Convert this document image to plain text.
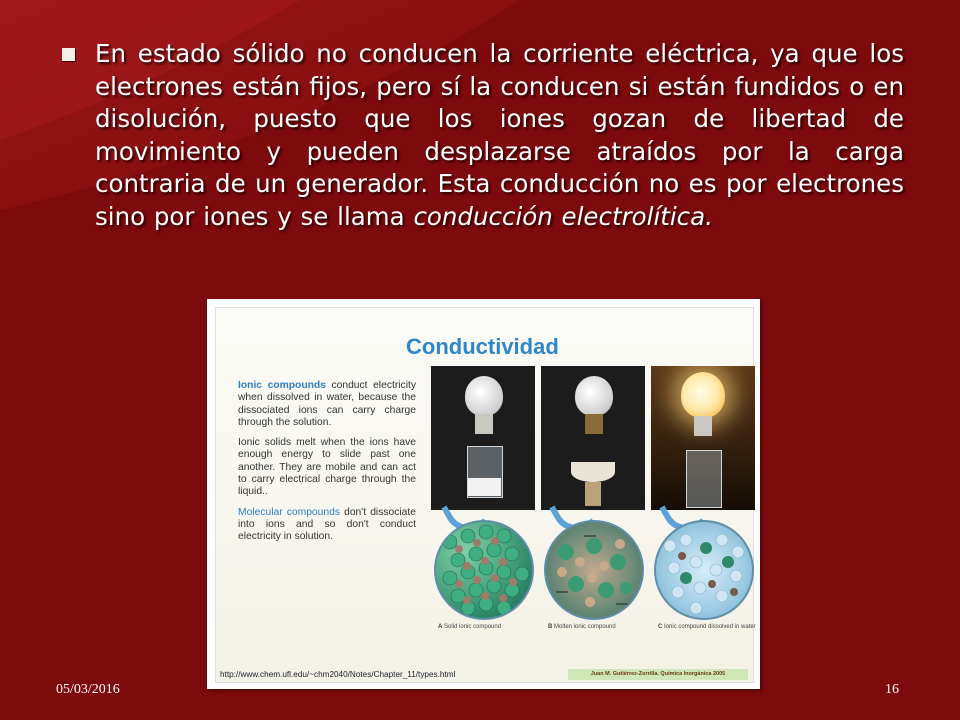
En estado sólido no conducen la corriente eléctrica, ya que los electrones están fijos, pero sí la conducen si están fundidos o en disolución, puesto que los iones gozan de libertad de movimiento y pueden desplazarse atraídos por la carga contraria de un generador. Esta conducción no es por electrones sino por iones y se llama conducción electrolítica.
Conductividad

Ionic compounds conduct electricity when dissolved in water, because the dissociated ions can carry charge through the solution.

Ionic solids melt when the ions have enough energy to slide past one another. They are mobile and can act to carry electrical charge through the liquid..

Molecular compounds don't dissociate into ions and so don't conduct electricity in solution.

A Solid ionic compound	B Molten ionic compound	C Ionic compound dissolved in water
http://www.chem.ufl.edu/~chm2040/Notes/Chapter_11/types.html	Juan M. Gutiérrez-Zorrilla. Química Inorgánica 2005
05/03/2016	16
